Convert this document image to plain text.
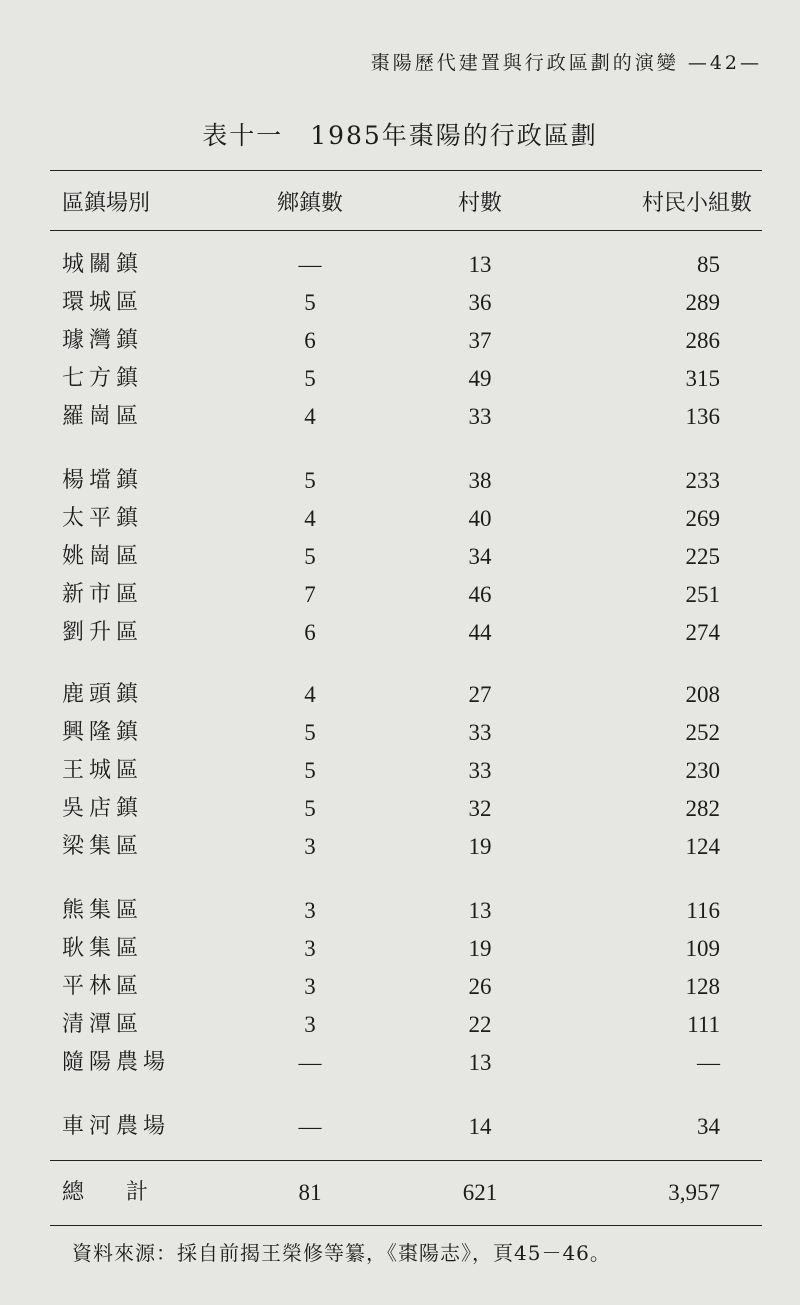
棗陽歷代建置與行政區劃的演變 —42—
表十一　1985年棗陽的行政區劃
區鎮場別	鄉鎮數	村數	村民小組數
城關鎮	—	13	85
環城區	5	36	289
璩灣鎮	6	37	286
七方鎮	5	49	315
羅崗區	4	33	136
楊壋鎮	5	38	233
太平鎮	4	40	269
姚崗區	5	34	225
新市區	7	46	251
劉升區	6	44	274
鹿頭鎮	4	27	208
興隆鎮	5	33	252
王城區	5	33	230
吳店鎮	5	32	282
梁集區	3	19	124
熊集區	3	13	116
耿集區	3	19	109
平林區	3	26	128
清潭區	3	22	111
隨陽農場	—	13	—
車河農場	—	14	34
總計	81	621	3,957
資料來源：採自前揭王榮修等纂，《棗陽志》，頁45－46。
